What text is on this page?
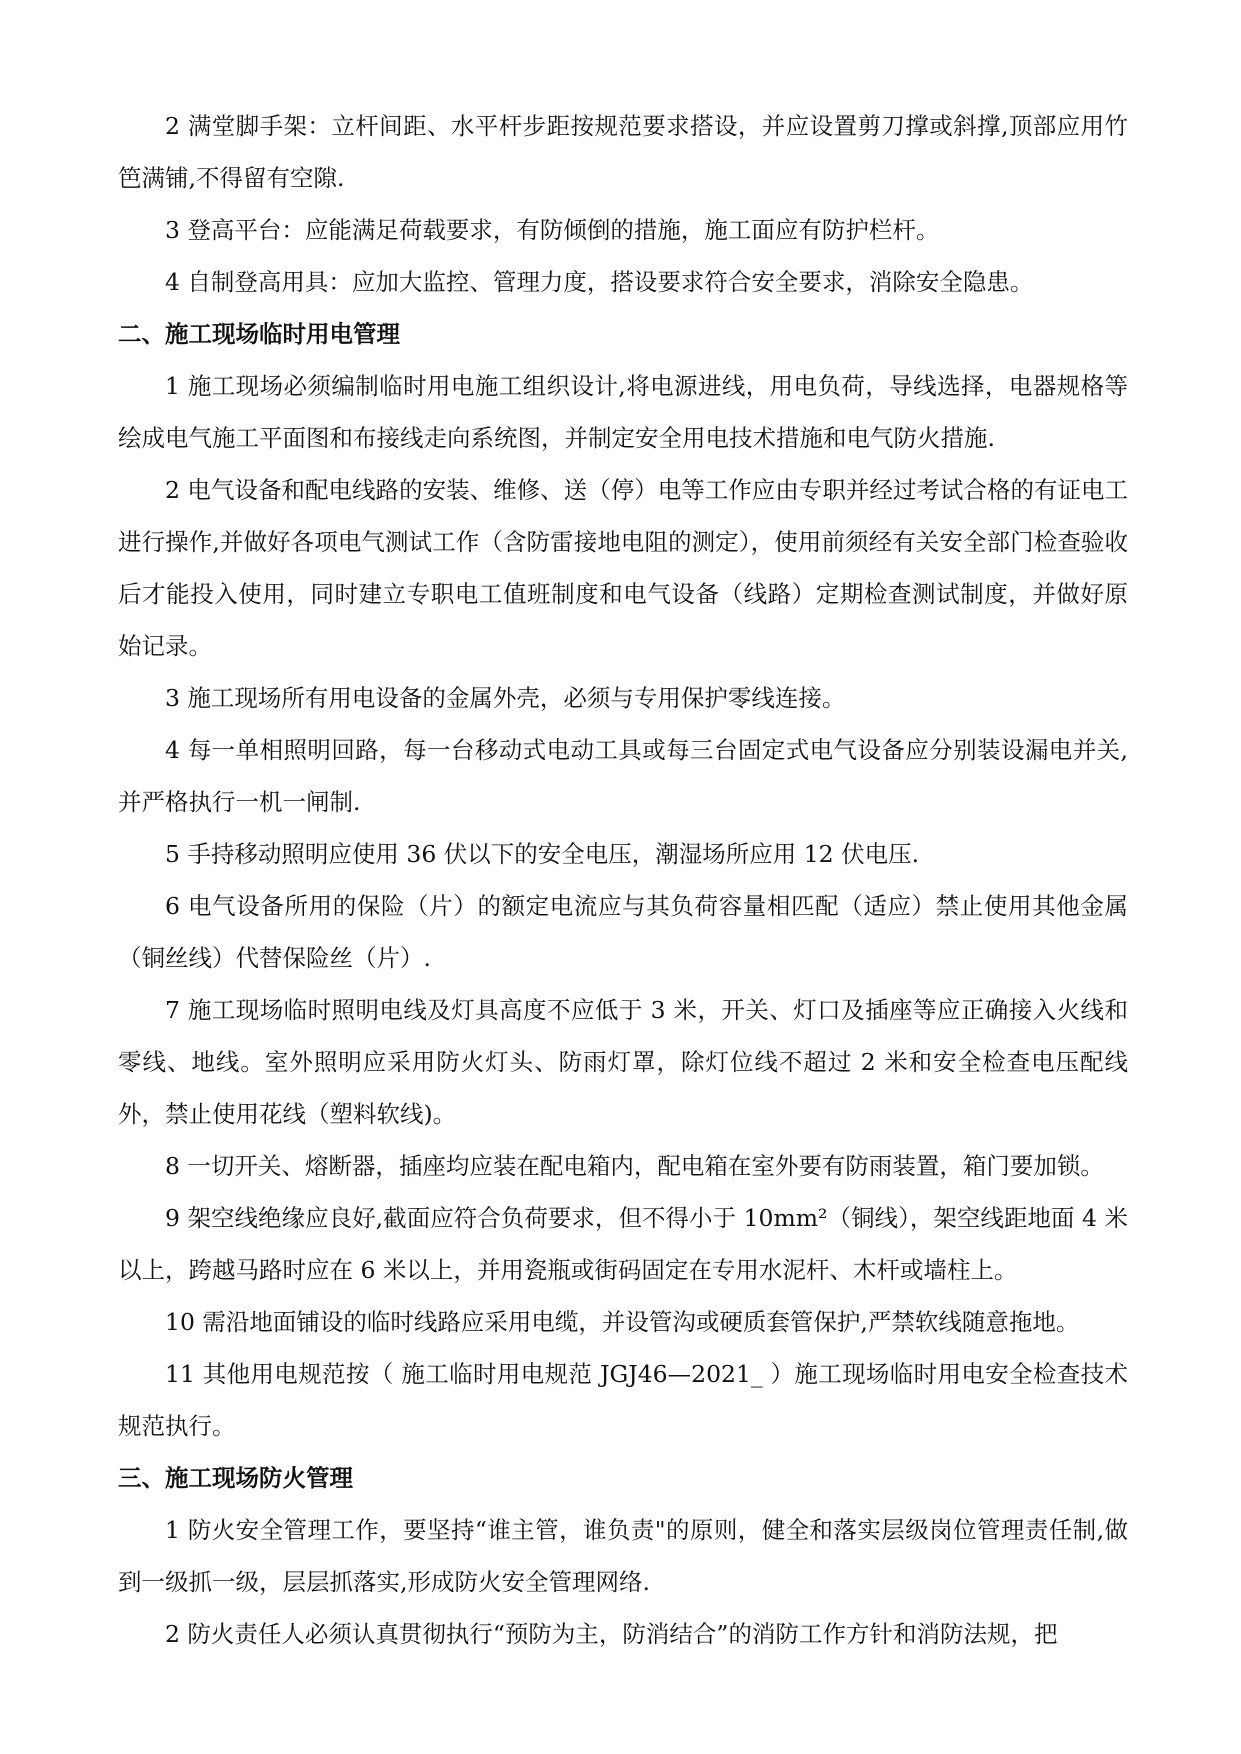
2 满堂脚手架：立杆间距、水平杆步距按规范要求搭设，并应设置剪刀撑或斜撑,顶部应用竹笆满铺,不得留有空隙.

3 登高平台：应能满足荷载要求，有防倾倒的措施，施工面应有防护栏杆。

4 自制登高用具：应加大监控、管理力度，搭设要求符合安全要求，消除安全隐患。

二、施工现场临时用电管理

1 施工现场必须编制临时用电施工组织设计,将电源进线，用电负荷，导线选择，电器规格等绘成电气施工平面图和布接线走向系统图，并制定安全用电技术措施和电气防火措施.

2 电气设备和配电线路的安装、维修、送（停）电等工作应由专职并经过考试合格的有证电工进行操作,并做好各项电气测试工作（含防雷接地电阻的测定），使用前须经有关安全部门检查验收后才能投入使用，同时建立专职电工值班制度和电气设备（线路）定期检查测试制度，并做好原始记录。

3 施工现场所有用电设备的金属外壳，必须与专用保护零线连接。

4 每一单相照明回路，每一台移动式电动工具或每三台固定式电气设备应分别装设漏电并关,并严格执行一机一闸制.

5 手持移动照明应使用 36 伏以下的安全电压，潮湿场所应用 12 伏电压.

6 电气设备所用的保险（片）的额定电流应与其负荷容量相匹配（适应）禁止使用其他金属（铜丝线）代替保险丝（片）.

7 施工现场临时照明电线及灯具高度不应低于 3 米，开关、灯口及插座等应正确接入火线和零线、地线。室外照明应采用防火灯头、防雨灯罩，除灯位线不超过 2 米和安全检查电压配线外，禁止使用花线（塑料软线)。

8 一切开关、熔断器，插座均应装在配电箱内，配电箱在室外要有防雨装置，箱门要加锁。

9 架空线绝缘应良好,截面应符合负荷要求，但不得小于 10mm²（铜线），架空线距地面 4 米以上，跨越马路时应在 6 米以上，并用瓷瓶或街码固定在专用水泥杆、木杆或墙柱上。

10 需沿地面铺设的临时线路应采用电缆，并设管沟或硬质套管保护,严禁软线随意拖地。

11 其他用电规范按（ 施工临时用电规范 JGJ46—2021_ ）施工现场临时用电安全检查技术规范执行。

三、施工现场防火管理

1 防火安全管理工作，要坚持“谁主管，谁负责"的原则，健全和落实层级岗位管理责任制,做到一级抓一级，层层抓落实,形成防火安全管理网络.

2 防火责任人必须认真贯彻执行“预防为主，防消结合”的消防工作方针和消防法规，把
